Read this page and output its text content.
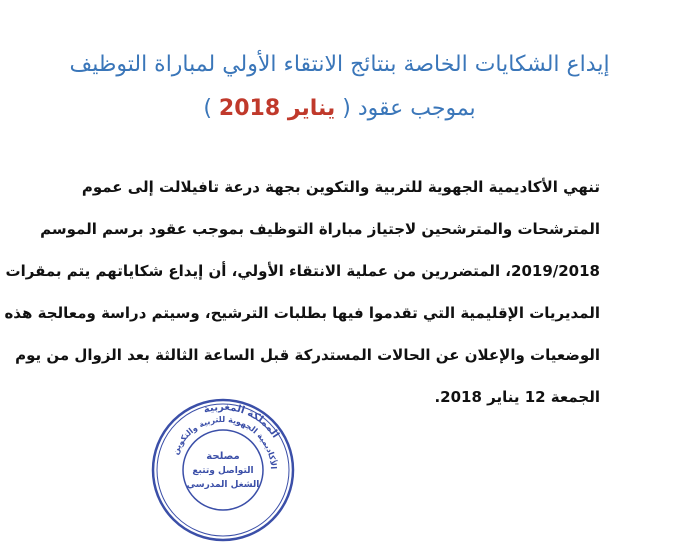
إيداع الشكايات الخاصة بنتائج الانتقاء الأولي لمباراة التوظيف
بموجب عقود ( يناير 2018 )
تنهي الأكاديمية الجهوية للتربية والتكوين بجهة درعة تافيلالت إلى عموم
المترشحات والمترشحين لاجتياز مباراة التوظيف بموجب عقود برسم الموسم
2019/2018، المتضررين من عملية الانتقاء الأولي، أن إيداع شكاياتهم يتم بمقرات
المديريات الإقليمية التي تقدموا فيها بطلبات الترشيح، وسيتم دراسة ومعالجة هذه
الوضعيات والإعلان عن الحالات المستدركة قبل الساعة الثالثة بعد الزوال من يوم
الجمعة 12 يناير 2018.
المملكة المغربية
الأكاديمية الجهوية للتربية والتكوين
مصلحة
التواصل وتتبع
الشغل المدرسي
